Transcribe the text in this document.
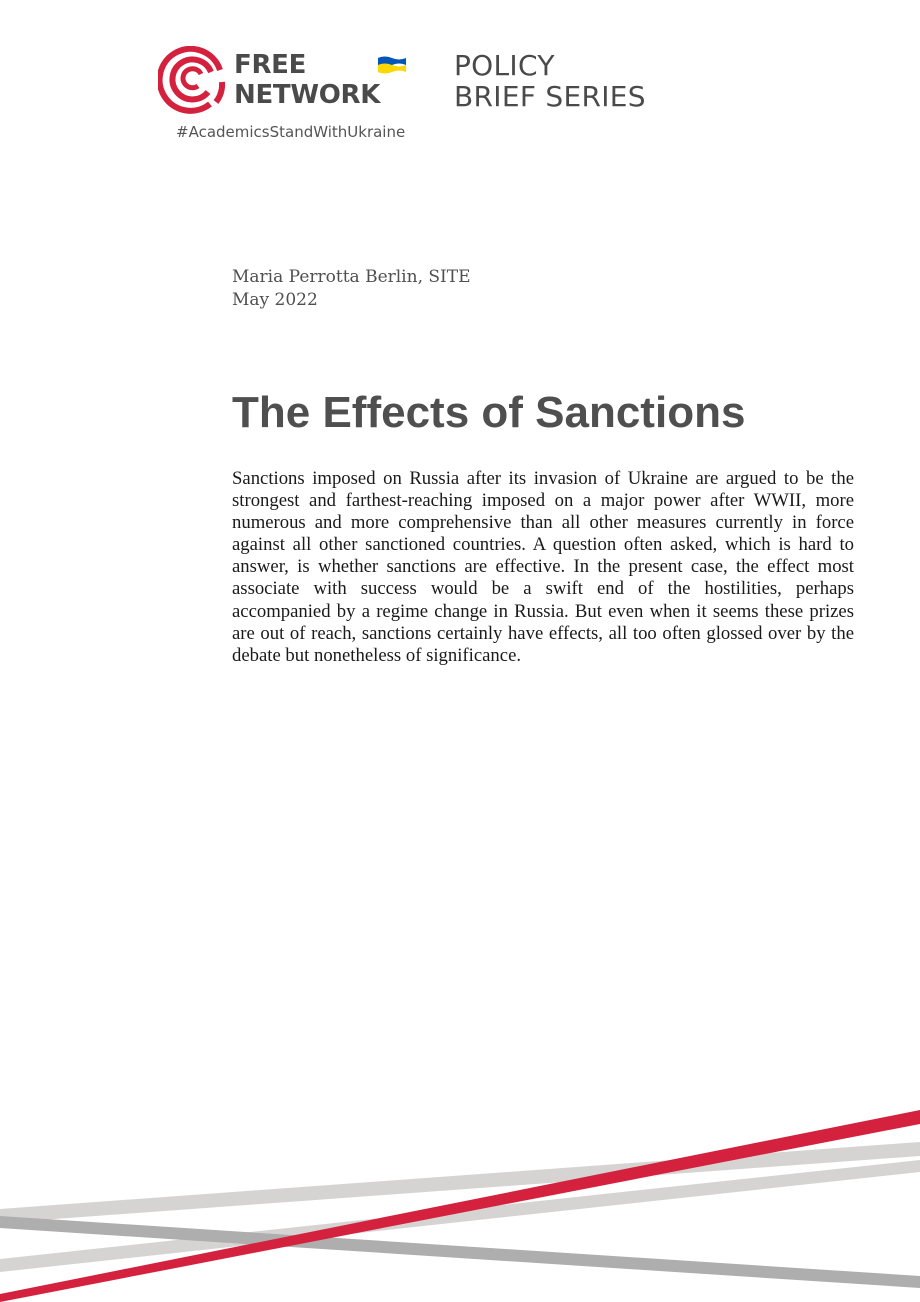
FREE
NETWORK
POLICY
BRIEF SERIES
#AcademicsStandWithUkraine
Maria Perrotta Berlin, SITE
May 2022
The Effects of Sanctions

Sanctions imposed on Russia after its invasion of Ukraine are argued to be the strongest and farthest-reaching imposed on a major power after WWII, more numerous and more comprehensive than all other measures currently in force against all other sanctioned countries. A question often asked, which is hard to answer, is whether sanctions are effective. In the present case, the effect most associate with success would be a swift end of the hostilities, perhaps accompanied by a regime change in Russia. But even when it seems these prizes are out of reach, sanctions certainly have effects, all too often glossed over by the debate but nonetheless of significance.
